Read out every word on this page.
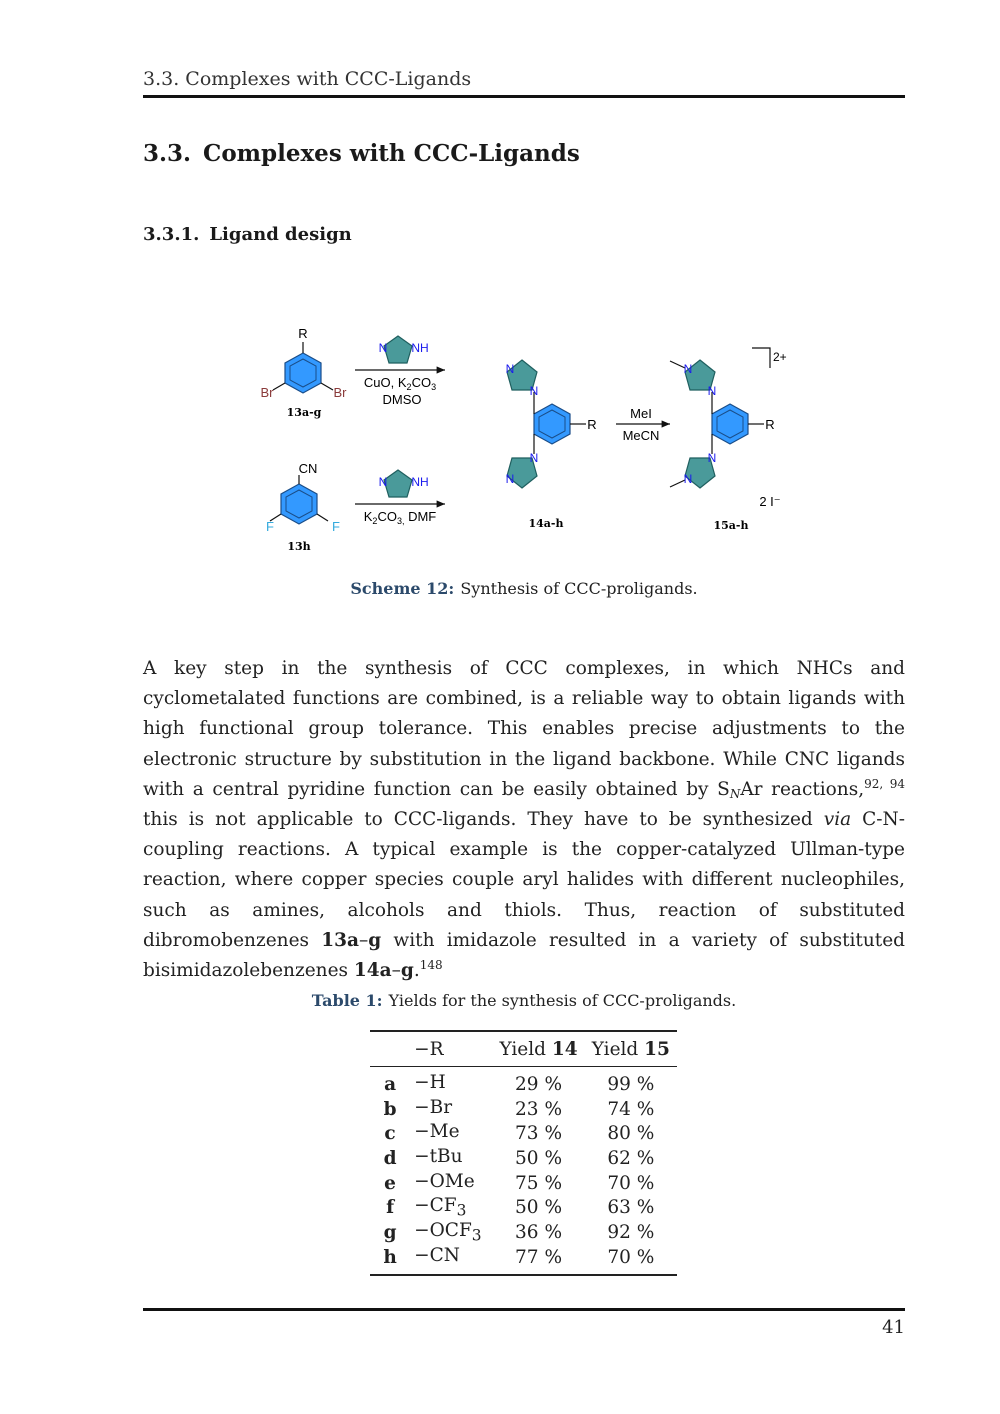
3.3. Complexes with CCC-Ligands
3.3. Complexes with CCC-Ligands
3.3.1. Ligand design
R
Br	Br
13a-g
N NH
CuO, $K_2CO_3$
DMSO
CN
F	F
13h
N NH
$K_2CO_{3,}$ DMF
R
N
N
N
N
14a-h
MeI
MeCN
R
N
N
N
N
2+
2 I⁻
15a-h
Scheme 12: Synthesis of CCC-proligands.

A key step in the synthesis of CCC complexes, in which NHCs and cyclometalated functions are combined, is a reliable way to obtain ligands with high functional group tolerance. This enables precise adjustments to the electronic structure by substitution in the ligand backbone. While CNC ligands with a central pyridine function can be easily obtained by $S_NAr$ reactions,$^{92, 94}$ this is not applicable to CCC-ligands. They have to be synthesized via C-N-coupling reactions. A typical example is the copper-catalyzed Ullman-type reaction, where copper species couple aryl halides with different nucleophiles, such as amines, alcohols and thiols. Thus, reaction of substituted dibromobenzenes 13a–g with imidazole resulted in a variety of substituted bisimidazolebenzenes 14a–g.$^{148}$

Table 1: Yields for the synthesis of CCC-proligands.
	−R	Yield 14	Yield 15
a	−H	29 %	99 %
b	−Br	23 %	74 %
c	−Me	73 %	80 %
d	−tBu	50 %	62 %
e	−OMe	75 %	70 %
f	$-CF_3$	50 %	63 %
g	$-OCF_3$	36 %	92 %
h	−CN	77 %	70 %
41
